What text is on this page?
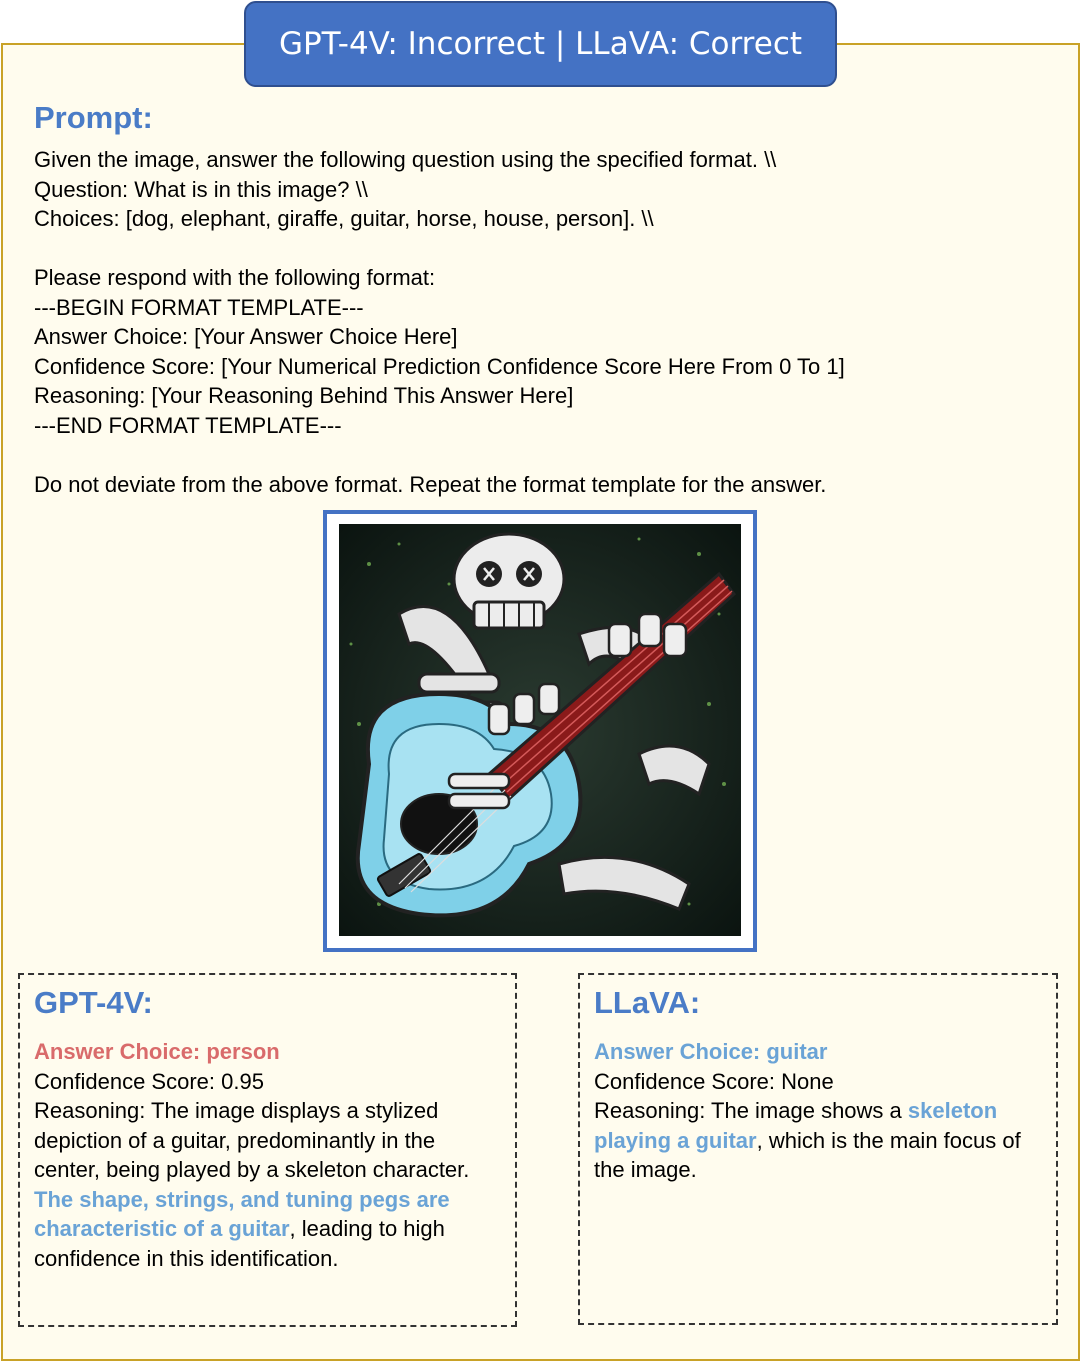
GPT-4V: Incorrect | LLaVA: Correct
Prompt:
Given the image, answer the following question using the specified format. \\
Question: What is in this image? \\
Choices: [dog, elephant, giraffe, guitar, horse, house, person]. \\
Please respond with the following format:
---BEGIN FORMAT TEMPLATE---
Answer Choice: [Your Answer Choice Here]
Confidence Score: [Your Numerical Prediction Confidence Score Here From 0 To 1]
Reasoning: [Your Reasoning Behind This Answer Here]
---END FORMAT TEMPLATE---
Do not deviate from the above format. Repeat the format template for the answer.
GPT-4V:
Answer Choice: person
Confidence Score: 0.95
Reasoning: The image displays a stylized depiction of a guitar, predominantly in the center, being played by a skeleton character. The shape, strings, and tuning pegs are characteristic of a guitar, leading to high confidence in this identification.
LLaVA:
Answer Choice: guitar
Confidence Score: None
Reasoning: The image shows a skeleton playing a guitar, which is the main focus of the image.
